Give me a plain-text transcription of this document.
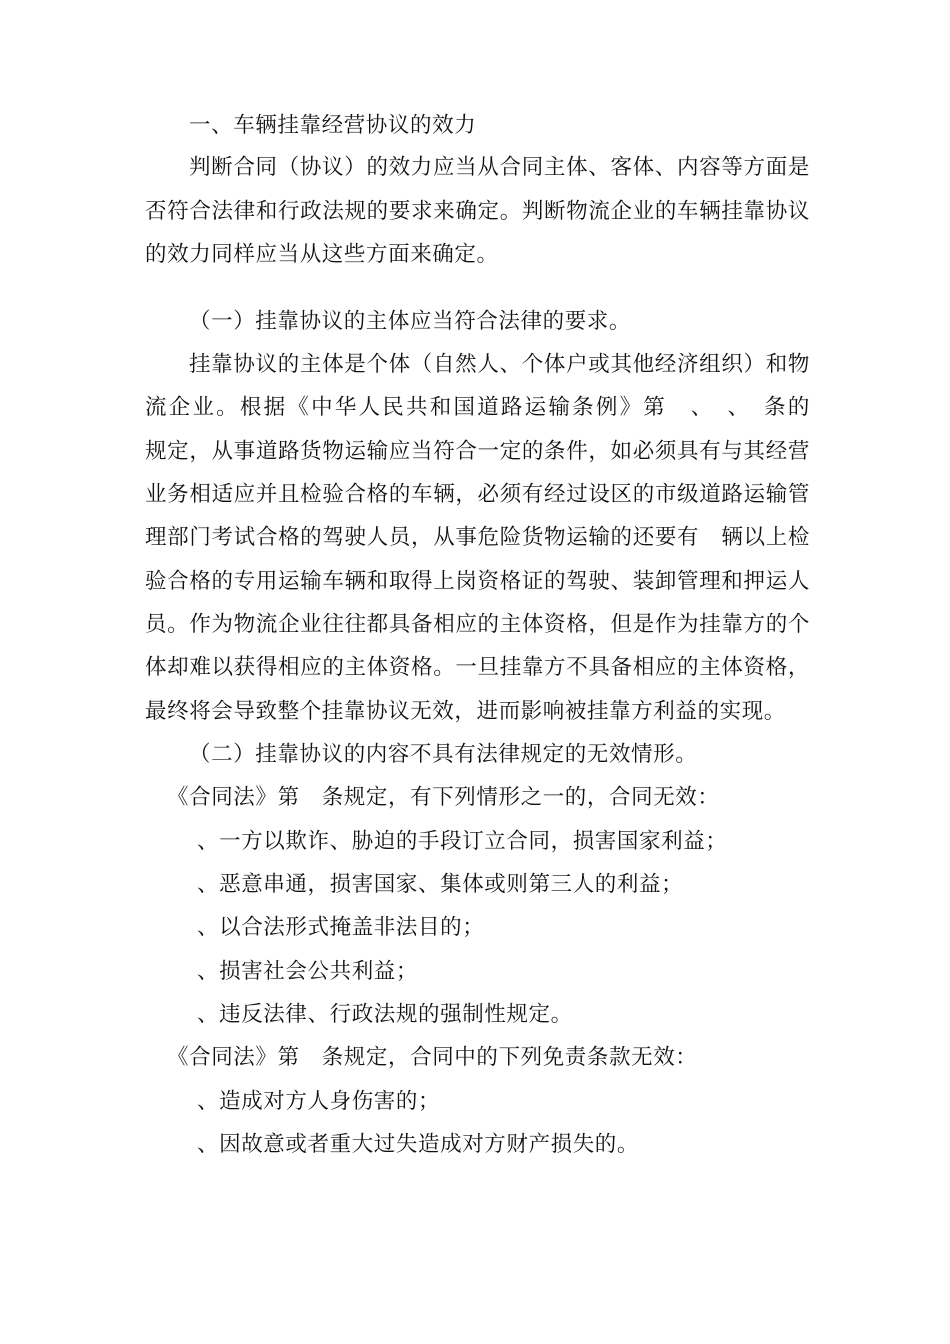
一、车辆挂靠经营协议的效力
判断合同（协议）的效力应当从合同主体、客体、内容等方面是
否符合法律和行政法规的要求来确定。判断物流企业的车辆挂靠协议
的效力同样应当从这些方面来确定。
（一）挂靠协议的主体应当符合法律的要求。
挂靠协议的主体是个体（自然人、个体户或其他经济组织）和物
流企业。根据《中华人民共和国道路运输条例》第　、　、　条的
规定，从事道路货物运输应当符合一定的条件，如必须具有与其经营
业务相适应并且检验合格的车辆，必须有经过设区的市级道路运输管
理部门考试合格的驾驶人员，从事危险货物运输的还要有　辆以上检
验合格的专用运输车辆和取得上岗资格证的驾驶、装卸管理和押运人
员。作为物流企业往往都具备相应的主体资格，但是作为挂靠方的个
体却难以获得相应的主体资格。一旦挂靠方不具备相应的主体资格，
最终将会导致整个挂靠协议无效，进而影响被挂靠方利益的实现。
（二）挂靠协议的内容不具有法律规定的无效情形。
《合同法》第　条规定，有下列情形之一的，合同无效：
、一方以欺诈、胁迫的手段订立合同，损害国家利益；
、恶意串通，损害国家、集体或则第三人的利益；
、以合法形式掩盖非法目的；
、损害社会公共利益；
、违反法律、行政法规的强制性规定。
《合同法》第　条规定，合同中的下列免责条款无效：
、造成对方人身伤害的；
、因故意或者重大过失造成对方财产损失的。
